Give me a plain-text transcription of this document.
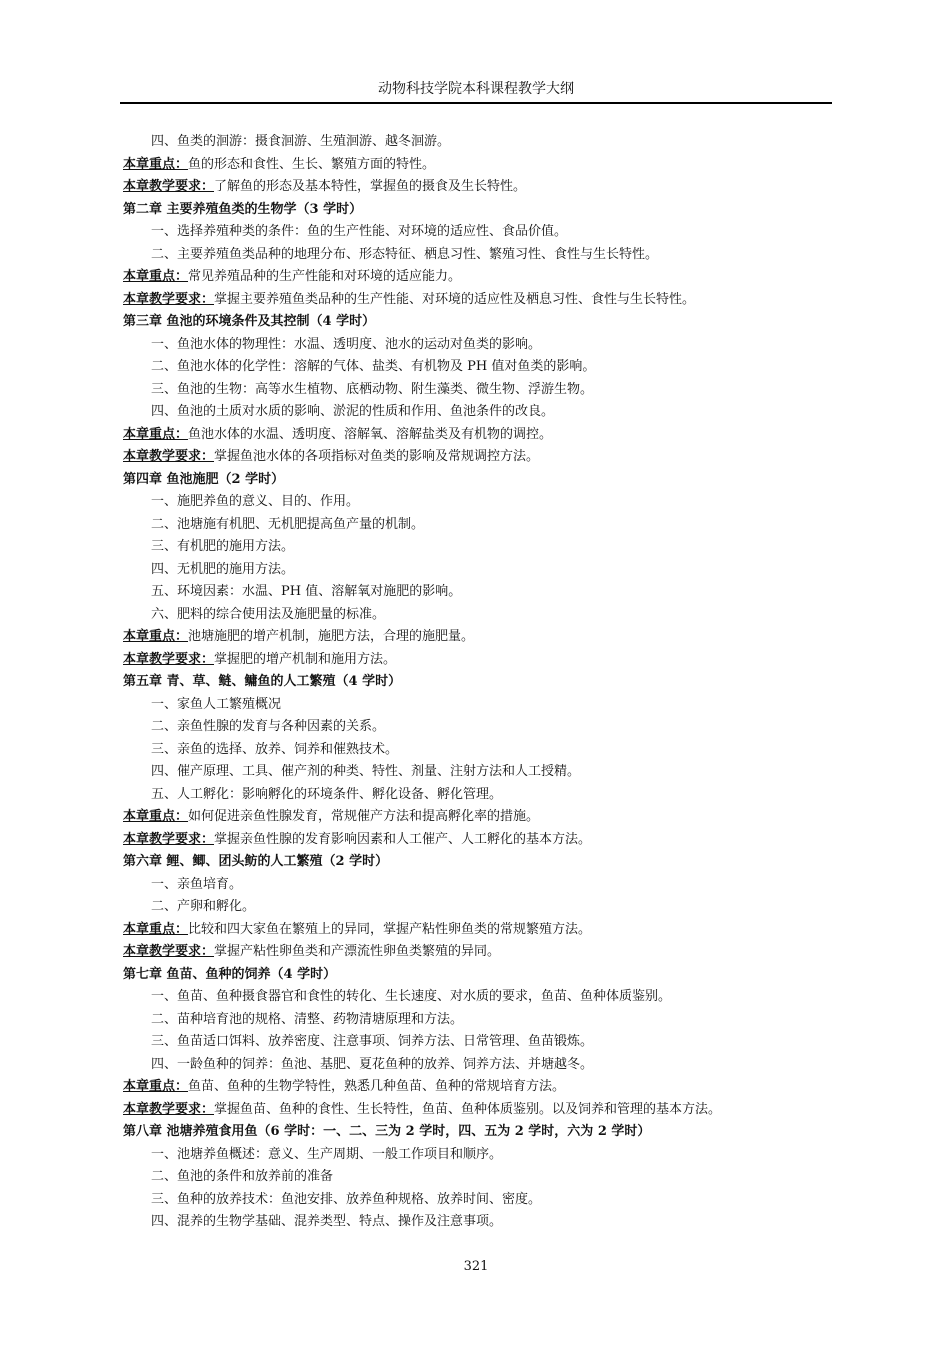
动物科技学院本科课程教学大纲
四、鱼类的洄游：摄食洄游、生殖洄游、越冬洄游。
本章重点：鱼的形态和食性、生长、繁殖方面的特性。
本章教学要求：了解鱼的形态及基本特性，掌握鱼的摄食及生长特性。
第二章 主要养殖鱼类的生物学（3 学时）
一、选择养殖种类的条件：鱼的生产性能、对环境的适应性、食品价值。
二、主要养殖鱼类品种的地理分布、形态特征、栖息习性、繁殖习性、食性与生长特性。
本章重点：常见养殖品种的生产性能和对环境的适应能力。
本章教学要求：掌握主要养殖鱼类品种的生产性能、对环境的适应性及栖息习性、食性与生长特性。
第三章 鱼池的环境条件及其控制（4 学时）
一、鱼池水体的物理性：水温、透明度、池水的运动对鱼类的影响。
二、鱼池水体的化学性：溶解的气体、盐类、有机物及 PH 值对鱼类的影响。
三、鱼池的生物：高等水生植物、底栖动物、附生藻类、微生物、浮游生物。
四、鱼池的土质对水质的影响、淤泥的性质和作用、鱼池条件的改良。
本章重点：鱼池水体的水温、透明度、溶解氧、溶解盐类及有机物的调控。
本章教学要求：掌握鱼池水体的各项指标对鱼类的影响及常规调控方法。
第四章 鱼池施肥（2 学时）
一、施肥养鱼的意义、目的、作用。
二、池塘施有机肥、无机肥提高鱼产量的机制。
三、有机肥的施用方法。
四、无机肥的施用方法。
五、环境因素：水温、PH 值、溶解氧对施肥的影响。
六、肥料的综合使用法及施肥量的标准。
本章重点：池塘施肥的增产机制，施肥方法，合理的施肥量。
本章教学要求：掌握肥的增产机制和施用方法。
第五章 青、草、鲢、鳙鱼的人工繁殖（4 学时）
一、家鱼人工繁殖概况
二、亲鱼性腺的发育与各种因素的关系。
三、亲鱼的选择、放养、饲养和催熟技术。
四、催产原理、工具、催产剂的种类、特性、剂量、注射方法和人工授精。
五、人工孵化：影响孵化的环境条件、孵化设备、孵化管理。
本章重点：如何促进亲鱼性腺发育，常规催产方法和提高孵化率的措施。
本章教学要求：掌握亲鱼性腺的发育影响因素和人工催产、人工孵化的基本方法。
第六章 鲤、鲫、团头鲂的人工繁殖（2 学时）
一、亲鱼培育。
二、产卵和孵化。
本章重点：比较和四大家鱼在繁殖上的异同，掌握产粘性卵鱼类的常规繁殖方法。
本章教学要求：掌握产粘性卵鱼类和产漂流性卵鱼类繁殖的异同。
第七章 鱼苗、鱼种的饲养（4 学时）
一、鱼苗、鱼种摄食器官和食性的转化、生长速度、对水质的要求，鱼苗、鱼种体质鉴别。
二、苗种培育池的规格、清整、药物清塘原理和方法。
三、鱼苗适口饵料、放养密度、注意事项、饲养方法、日常管理、鱼苗锻炼。
四、一龄鱼种的饲养：鱼池、基肥、夏花鱼种的放养、饲养方法、并塘越冬。
本章重点：鱼苗、鱼种的生物学特性，熟悉几种鱼苗、鱼种的常规培育方法。
本章教学要求：掌握鱼苗、鱼种的食性、生长特性，鱼苗、鱼种体质鉴别。以及饲养和管理的基本方法。
第八章 池塘养殖食用鱼（6 学时：一、二、三为 2 学时，四、五为 2 学时，六为 2 学时）
一、池塘养鱼概述：意义、生产周期、一般工作项目和顺序。
二、鱼池的条件和放养前的准备
三、鱼种的放养技术：鱼池安排、放养鱼种规格、放养时间、密度。
四、混养的生物学基础、混养类型、特点、操作及注意事项。
321
